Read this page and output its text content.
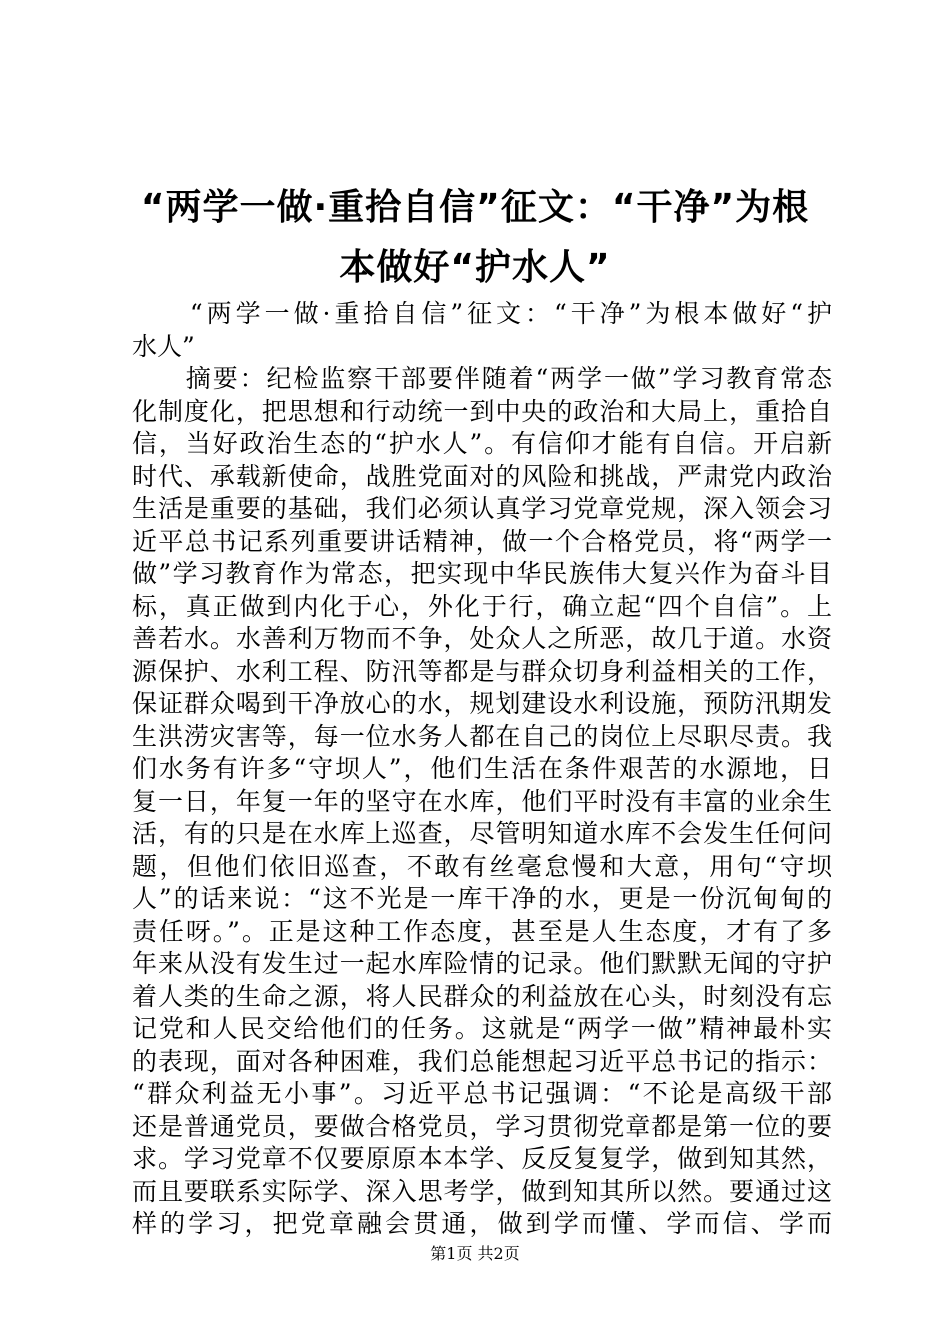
“两学一做·重拾自信”征文：“干净”为根
本做好“护水人”
　　“两学一做·重拾自信”征文：“干净”为根本做好“护
水人”
　　摘要：纪检监察干部要伴随着“两学一做”学习教育常态
化制度化，把思想和行动统一到中央的政治和大局上，重拾自
信，当好政治生态的“护水人”。有信仰才能有自信。开启新
时代、承载新使命，战胜党面对的风险和挑战，严肃党内政治
生活是重要的基础，我们必须认真学习党章党规，深入领会习
近平总书记系列重要讲话精神，做一个合格党员，将“两学一
做”学习教育作为常态，把实现中华民族伟大复兴作为奋斗目
标，真正做到内化于心，外化于行，确立起“四个自信”。上
善若水。水善利万物而不争，处众人之所恶，故几于道。水资
源保护、水利工程、防汛等都是与群众切身利益相关的工作，
保证群众喝到干净放心的水，规划建设水利设施，预防汛期发
生洪涝灾害等，每一位水务人都在自己的岗位上尽职尽责。我
们水务有许多“守坝人”，他们生活在条件艰苦的水源地，日
复一日，年复一年的坚守在水库，他们平时没有丰富的业余生
活，有的只是在水库上巡查，尽管明知道水库不会发生任何问
题，但他们依旧巡查，不敢有丝毫怠慢和大意，用句“守坝
人”的话来说：“这不光是一库干净的水，更是一份沉甸甸的
责任呀。”。正是这种工作态度，甚至是人生态度，才有了多
年来从没有发生过一起水库险情的记录。他们默默无闻的守护
着人类的生命之源，将人民群众的利益放在心头，时刻没有忘
记党和人民交给他们的任务。这就是“两学一做”精神最朴实
的表现，面对各种困难，我们总能想起习近平总书记的指示：
“群众利益无小事”。习近平总书记强调：“不论是高级干部
还是普通党员，要做合格党员，学习贯彻党章都是第一位的要
求。学习党章不仅要原原本本学、反反复复学，做到知其然，
而且要联系实际学、深入思考学，做到知其所以然。要通过这
样的学习，把党章融会贯通，做到学而懂、学而信、学而
第1页 共2页
